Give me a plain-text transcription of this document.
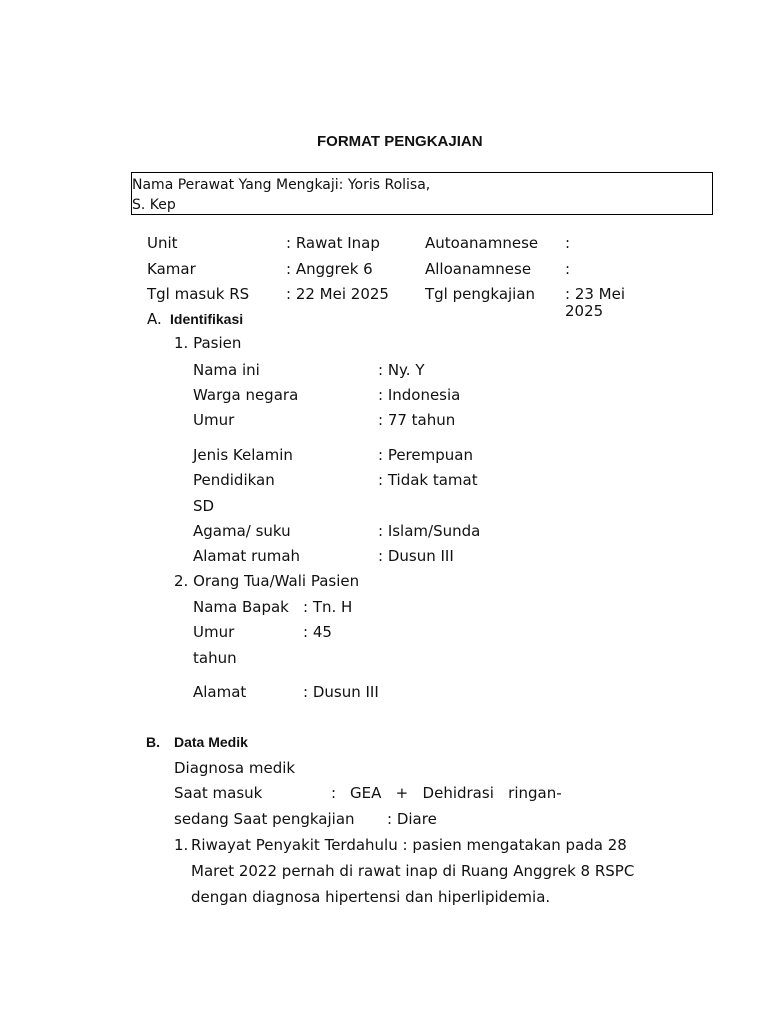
FORMAT PENGKAJIAN
Nama Perawat Yang Mengkaji: Yoris Rolisa,
S. Kep
Unit	: Rawat Inap	Autoanamnese :
Kamar	: Anggrek 6	Alloanamnese :
Tgl masuk RS : 22 Mei 2025 Tgl pengkajian : 23 Mei
2025
A. Identifikasi
1. Pasien
Nama ini	: Ny. Y
Warga negara	: Indonesia
Umur	: 77 tahun
Jenis Kelamin	: Perempuan
Pendidikan	: Tidak tamat
SD
Agama/ suku	: Islam/Sunda
Alamat rumah	: Dusun III
2. Orang Tua/Wali Pasien
Nama Bapak : Tn. H
Umur	: 45
tahun
Alamat	: Dusun III
B. Data Medik
Diagnosa medik
Saat masuk	: GEA   +   Dehidrasi   ringan-
sedang Saat pengkajian : Diare
1. Riwayat Penyakit Terdahulu : pasien mengatakan pada 28
Maret 2022 pernah di rawat inap di Ruang Anggrek 8 RSPC
dengan diagnosa hipertensi dan hiperlipidemia.
